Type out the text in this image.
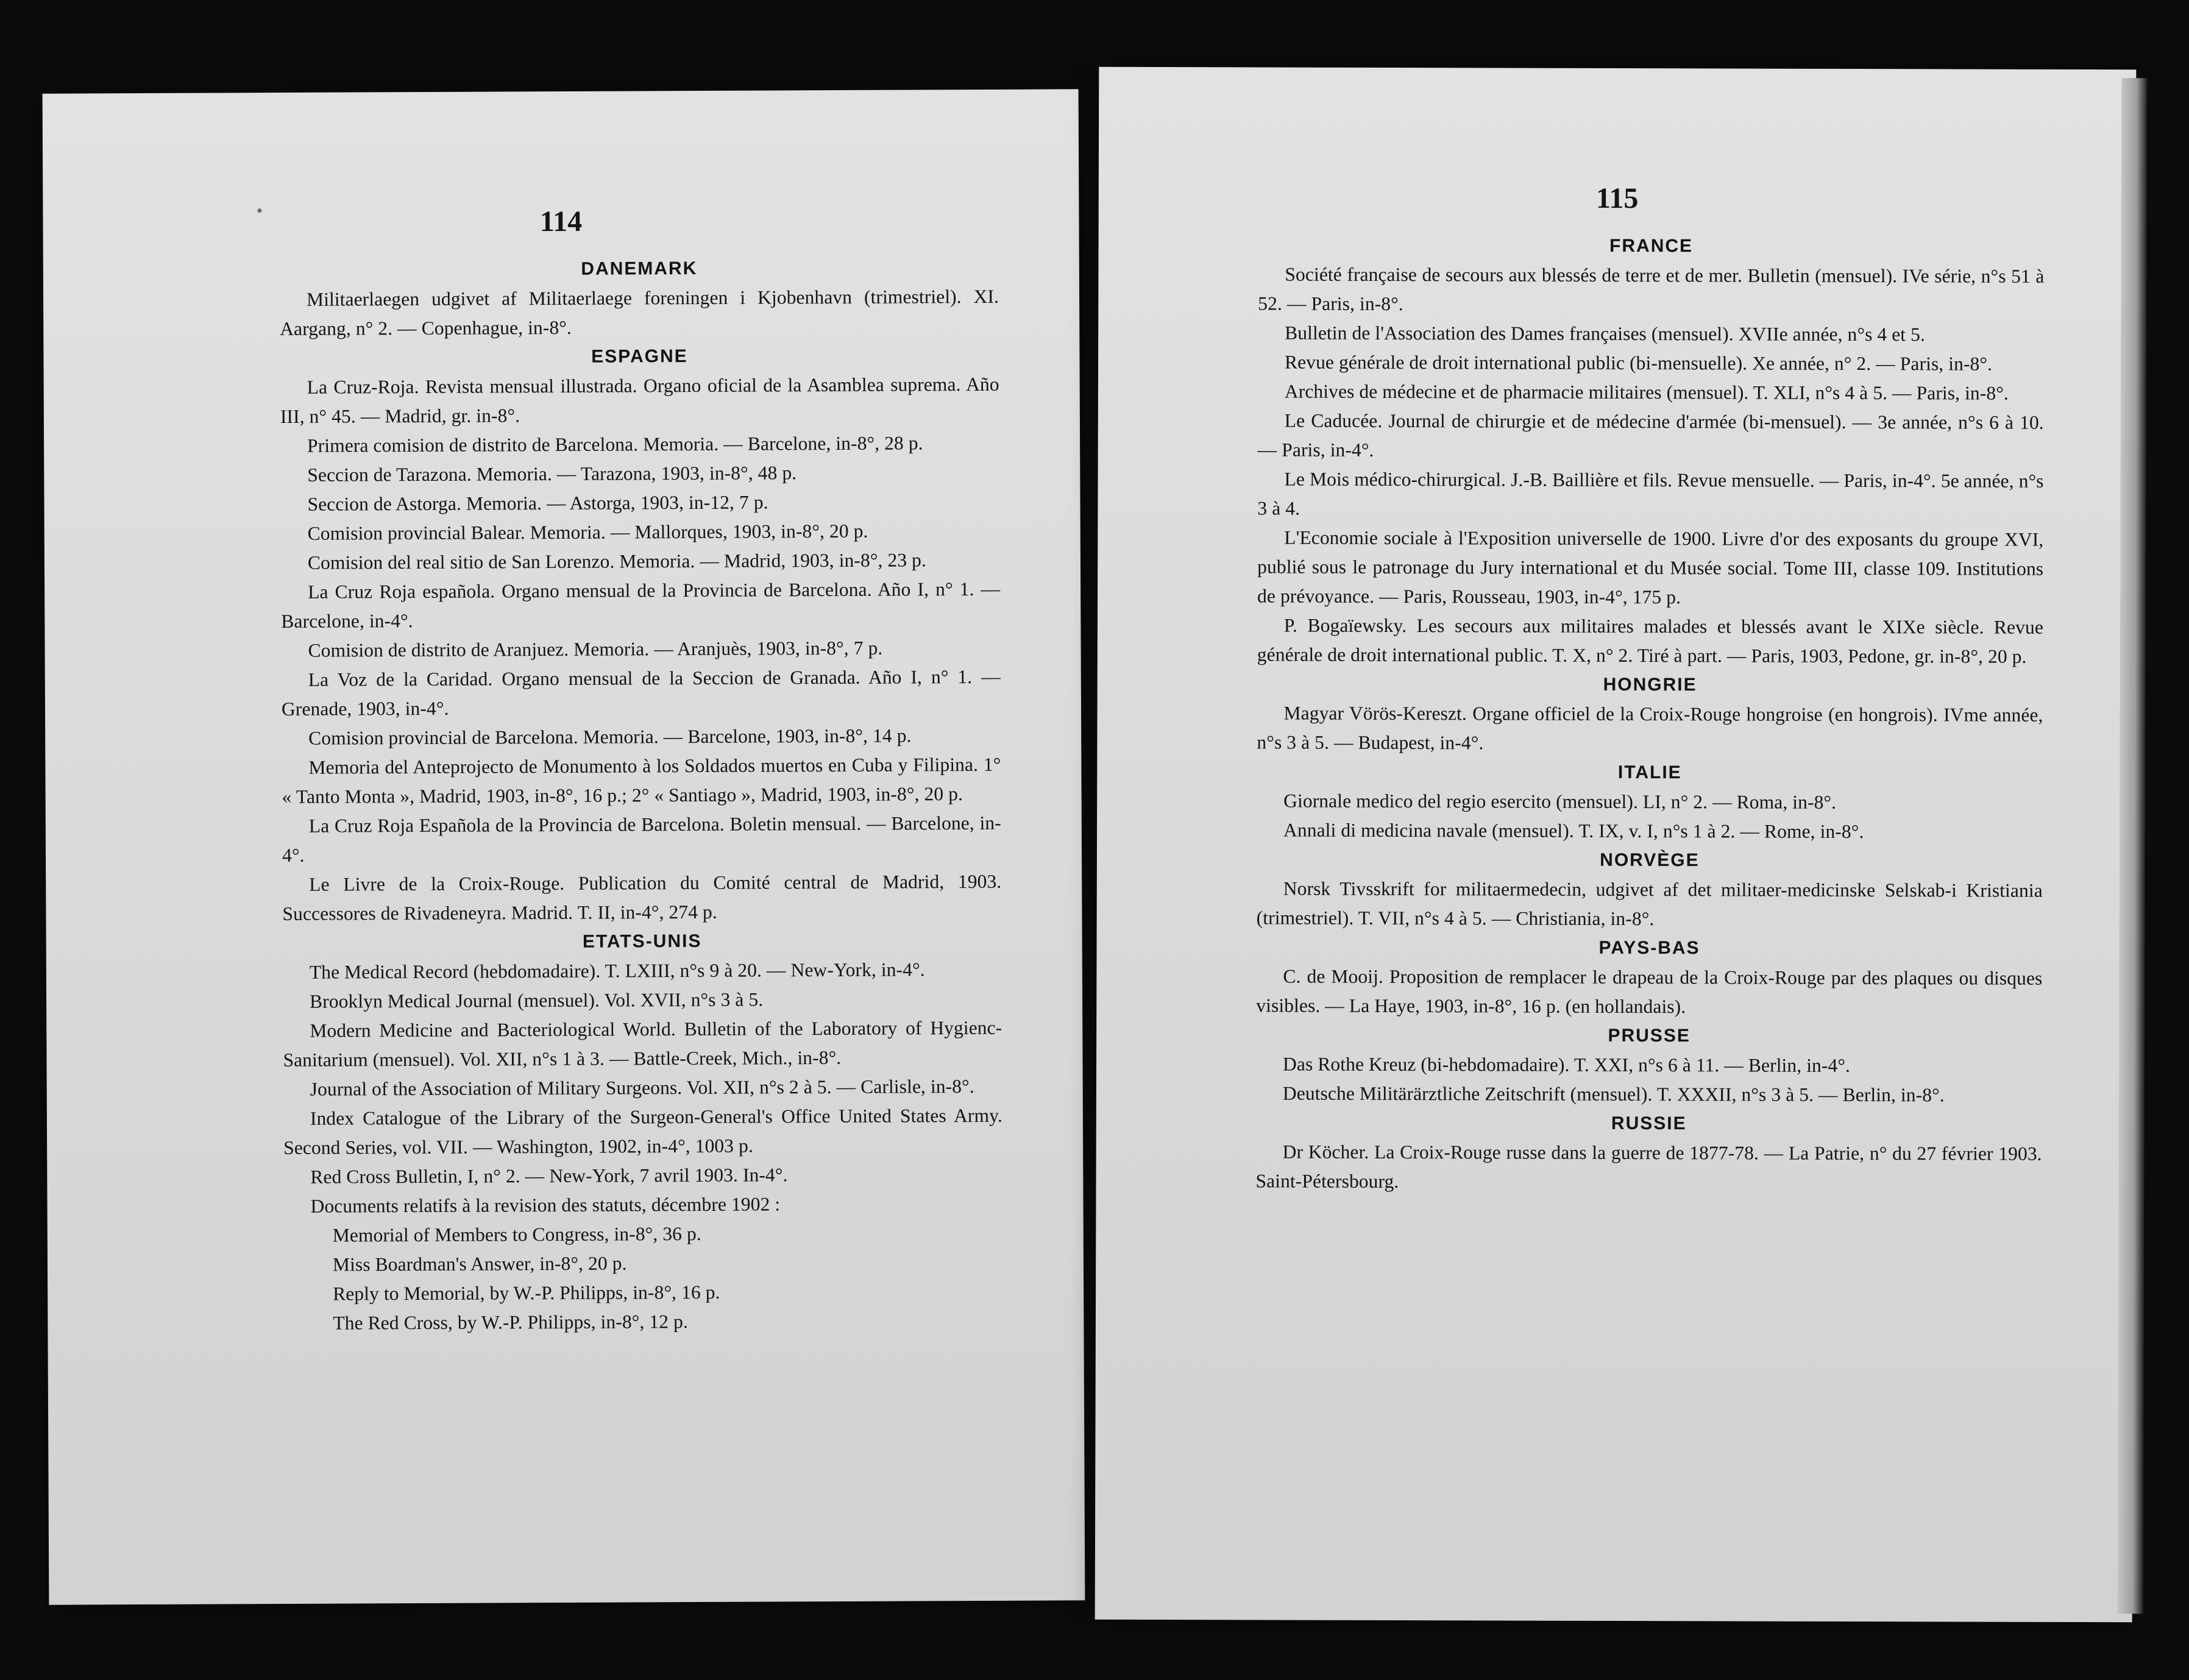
114
DANEMARK
Militaerlaegen udgivet af Militaerlaege foreningen i Kjobenhavn (trimestriel). XI. Aargang, n° 2. — Copenhague, in-8°.
ESPAGNE
La Cruz-Roja. Revista mensual illustrada. Organo oficial de la Asamblea suprema. Año III, n° 45. — Madrid, gr. in-8°.
Primera comision de distrito de Barcelona. Memoria. — Barcelone, in-8°, 28 p.
Seccion de Tarazona. Memoria. — Tarazona, 1903, in-8°, 48 p.
Seccion de Astorga. Memoria. — Astorga, 1903, in-12, 7 p.
Comision provincial Balear. Memoria. — Mallorques, 1903, in-8°, 20 p.
Comision del real sitio de San Lorenzo. Memoria. — Madrid, 1903, in-8°, 23 p.
La Cruz Roja española. Organo mensual de la Provincia de Barcelona. Año I, n° 1. — Barcelone, in-4°.
Comision de distrito de Aranjuez. Memoria. — Aranjuès, 1903, in-8°, 7 p.
La Voz de la Caridad. Organo mensual de la Seccion de Granada. Año I, n° 1. — Grenade, 1903, in-4°.
Comision provincial de Barcelona. Memoria. — Barcelone, 1903, in-8°, 14 p.
Memoria del Anteprojecto de Monumento à los Soldados muertos en Cuba y Filipina. 1° « Tanto Monta », Madrid, 1903, in-8°, 16 p.; 2° « Santiago », Madrid, 1903, in-8°, 20 p.
La Cruz Roja Española de la Provincia de Barcelona. Boletin mensual. — Barcelone, in-4°.
Le Livre de la Croix-Rouge. Publication du Comité central de Madrid, 1903. Successores de Rivadeneyra. Madrid. T. II, in-4°, 274 p.
ETATS-UNIS
The Medical Record (hebdomadaire). T. LXIII, n°s 9 à 20. — New-York, in-4°.
Brooklyn Medical Journal (mensuel). Vol. XVII, n°s 3 à 5.
Modern Medicine and Bacteriological World. Bulletin of the Laboratory of Hygienc-Sanitarium (mensuel). Vol. XII, n°s 1 à 3. — Battle-Creek, Mich., in-8°.
Journal of the Association of Military Surgeons. Vol. XII, n°s 2 à 5. — Carlisle, in-8°.
Index Catalogue of the Library of the Surgeon-General's Office United States Army. Second Series, vol. VII. — Washington, 1902, in-4°, 1003 p.
Red Cross Bulletin, I, n° 2. — New-York, 7 avril 1903. In-4°.
Documents relatifs à la revision des statuts, décembre 1902 :
Memorial of Members to Congress, in-8°, 36 p.
Miss Boardman's Answer, in-8°, 20 p.
Reply to Memorial, by W.-P. Philipps, in-8°, 16 p.
The Red Cross, by W.-P. Philipps, in-8°, 12 p.
115
FRANCE
Société française de secours aux blessés de terre et de mer. Bulletin (mensuel). IVe série, n°s 51 à 52. — Paris, in-8°.
Bulletin de l'Association des Dames françaises (mensuel). XVIIe année, n°s 4 et 5.
Revue générale de droit international public (bi-mensuelle). Xe année, n° 2. — Paris, in-8°.
Archives de médecine et de pharmacie militaires (mensuel). T. XLI, n°s 4 à 5. — Paris, in-8°.
Le Caducée. Journal de chirurgie et de médecine d'armée (bi-mensuel). — 3e année, n°s 6 à 10. — Paris, in-4°.
Le Mois médico-chirurgical. J.-B. Baillière et fils. Revue mensuelle. — Paris, in-4°. 5e année, n°s 3 à 4.
L'Economie sociale à l'Exposition universelle de 1900. Livre d'or des exposants du groupe XVI, publié sous le patronage du Jury international et du Musée social. Tome III, classe 109. Institutions de prévoyance. — Paris, Rousseau, 1903, in-4°, 175 p.
P. Bogaïewsky. Les secours aux militaires malades et blessés avant le XIXe siècle. Revue générale de droit international public. T. X, n° 2. Tiré à part. — Paris, 1903, Pedone, gr. in-8°, 20 p.
HONGRIE
Magyar Vörös-Kereszt. Organe officiel de la Croix-Rouge hongroise (en hongrois). IVme année, n°s 3 à 5. — Budapest, in-4°.
ITALIE
Giornale medico del regio esercito (mensuel). LI, n° 2. — Roma, in-8°.
Annali di medicina navale (mensuel). T. IX, v. I, n°s 1 à 2. — Rome, in-8°.
NORVÈGE
Norsk Tivsskrift for militaermedecin, udgivet af det militaer-medicinske Selskab-i Kristiania (trimestriel). T. VII, n°s 4 à 5. — Christiania, in-8°.
PAYS-BAS
C. de Mooij. Proposition de remplacer le drapeau de la Croix-Rouge par des plaques ou disques visibles. — La Haye, 1903, in-8°, 16 p. (en hollandais).
PRUSSE
Das Rothe Kreuz (bi-hebdomadaire). T. XXI, n°s 6 à 11. — Berlin, in-4°.
Deutsche Militärärztliche Zeitschrift (mensuel). T. XXXII, n°s 3 à 5. — Berlin, in-8°.
RUSSIE
Dr Köcher. La Croix-Rouge russe dans la guerre de 1877-78. — La Patrie, n° du 27 février 1903. Saint-Pétersbourg.
